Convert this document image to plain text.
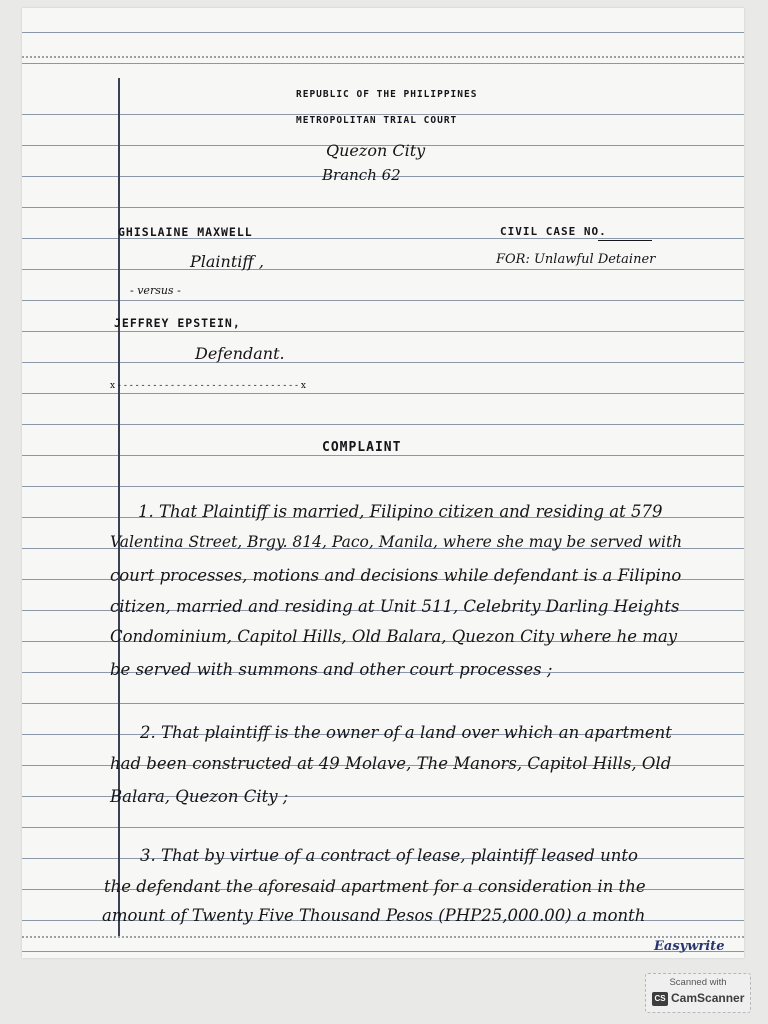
REPUBLIC OF THE PHILIPPINES

METROPOLITAN TRIAL COURT

Quezon City

Branch 62

GHISLAINE MAXWELL	CIVIL CASE NO.

Plaintiff ,	FOR: Unlawful Detainer

- versus -

JEFFREY EPSTEIN,

Defendant.

x - - - - - - - - - - - - - - - - - - - - - - - - - - - - - - - x

COMPLAINT

1. That Plaintiff is married, Filipino citizen and residing at 579

Valentina Street, Brgy. 814, Paco, Manila, where she may be served with

court processes, motions and decisions while defendant is a Filipino

citizen, married and residing at Unit 511, Celebrity Darling Heights

Condominium, Capitol Hills, Old Balara, Quezon City where he may

be served with summons and other court processes ;

2. That plaintiff is the owner of a land over which an apartment

had been constructed at 49 Molave, The Manors, Capitol Hills, Old

Balara, Quezon City ;

3. That by virtue of a contract of lease, plaintiff leased unto

the defendant the aforesaid apartment for a consideration in the

amount of Twenty Five Thousand Pesos (PHP25,000.00) a month

Easywrite

Scanned with
CS CamScanner
